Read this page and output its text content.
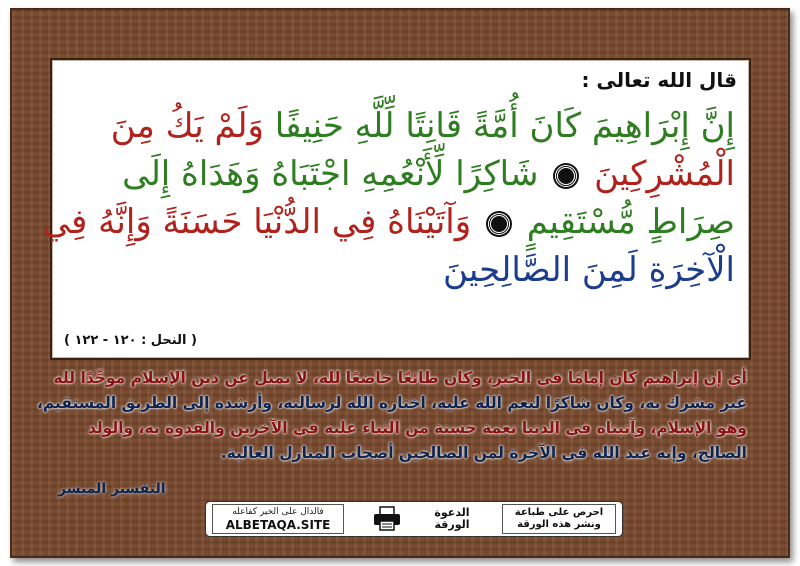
قال الله تعالى :
إِنَّ إِبْرَاهِيمَ كَانَ أُمَّةً قَانِتًا لِّلَّهِ حَنِيفًا وَلَمْ يَكُ مِنَ
الْمُشْرِكِينَ  شَاكِرًا لِّأَنْعُمِهِ اجْتَبَاهُ وَهَدَاهُ إِلَى
صِرَاطٍ مُّسْتَقِيمٍ  وَآتَيْنَاهُ فِي الدُّنْيَا حَسَنَةً وَإِنَّهُ فِي
الْآخِرَةِ لَمِنَ الصَّالِحِينَ
( النحل : ١٢٠ - ١٢٢ )
أي إن إبراهيم كان إمامًا في الخير، وكان طائعًا خاضعًا لله، لا يميل عن دين الإسلام موحِّدًا لله
غير مشرك به، وكان شاكرًا لنعم الله عليه، اختاره الله لرسالته، وأرشده إلى الطريق المستقيم،
وهو الإسلام، وآتيناه في الدنيا نعمة حسنة من الثناء عليه في الآخرين والقدوة به، والولد
الصالح، وإنه عند الله في الآخرة لمن الصالحين أصحاب المنازل العالية.
التفسير الميسر
فالدال على الخير كفاعله
ALBETAQA.SITE
الدعوة
الورقة
احرص على طباعة
ونشر هذه الورقة
